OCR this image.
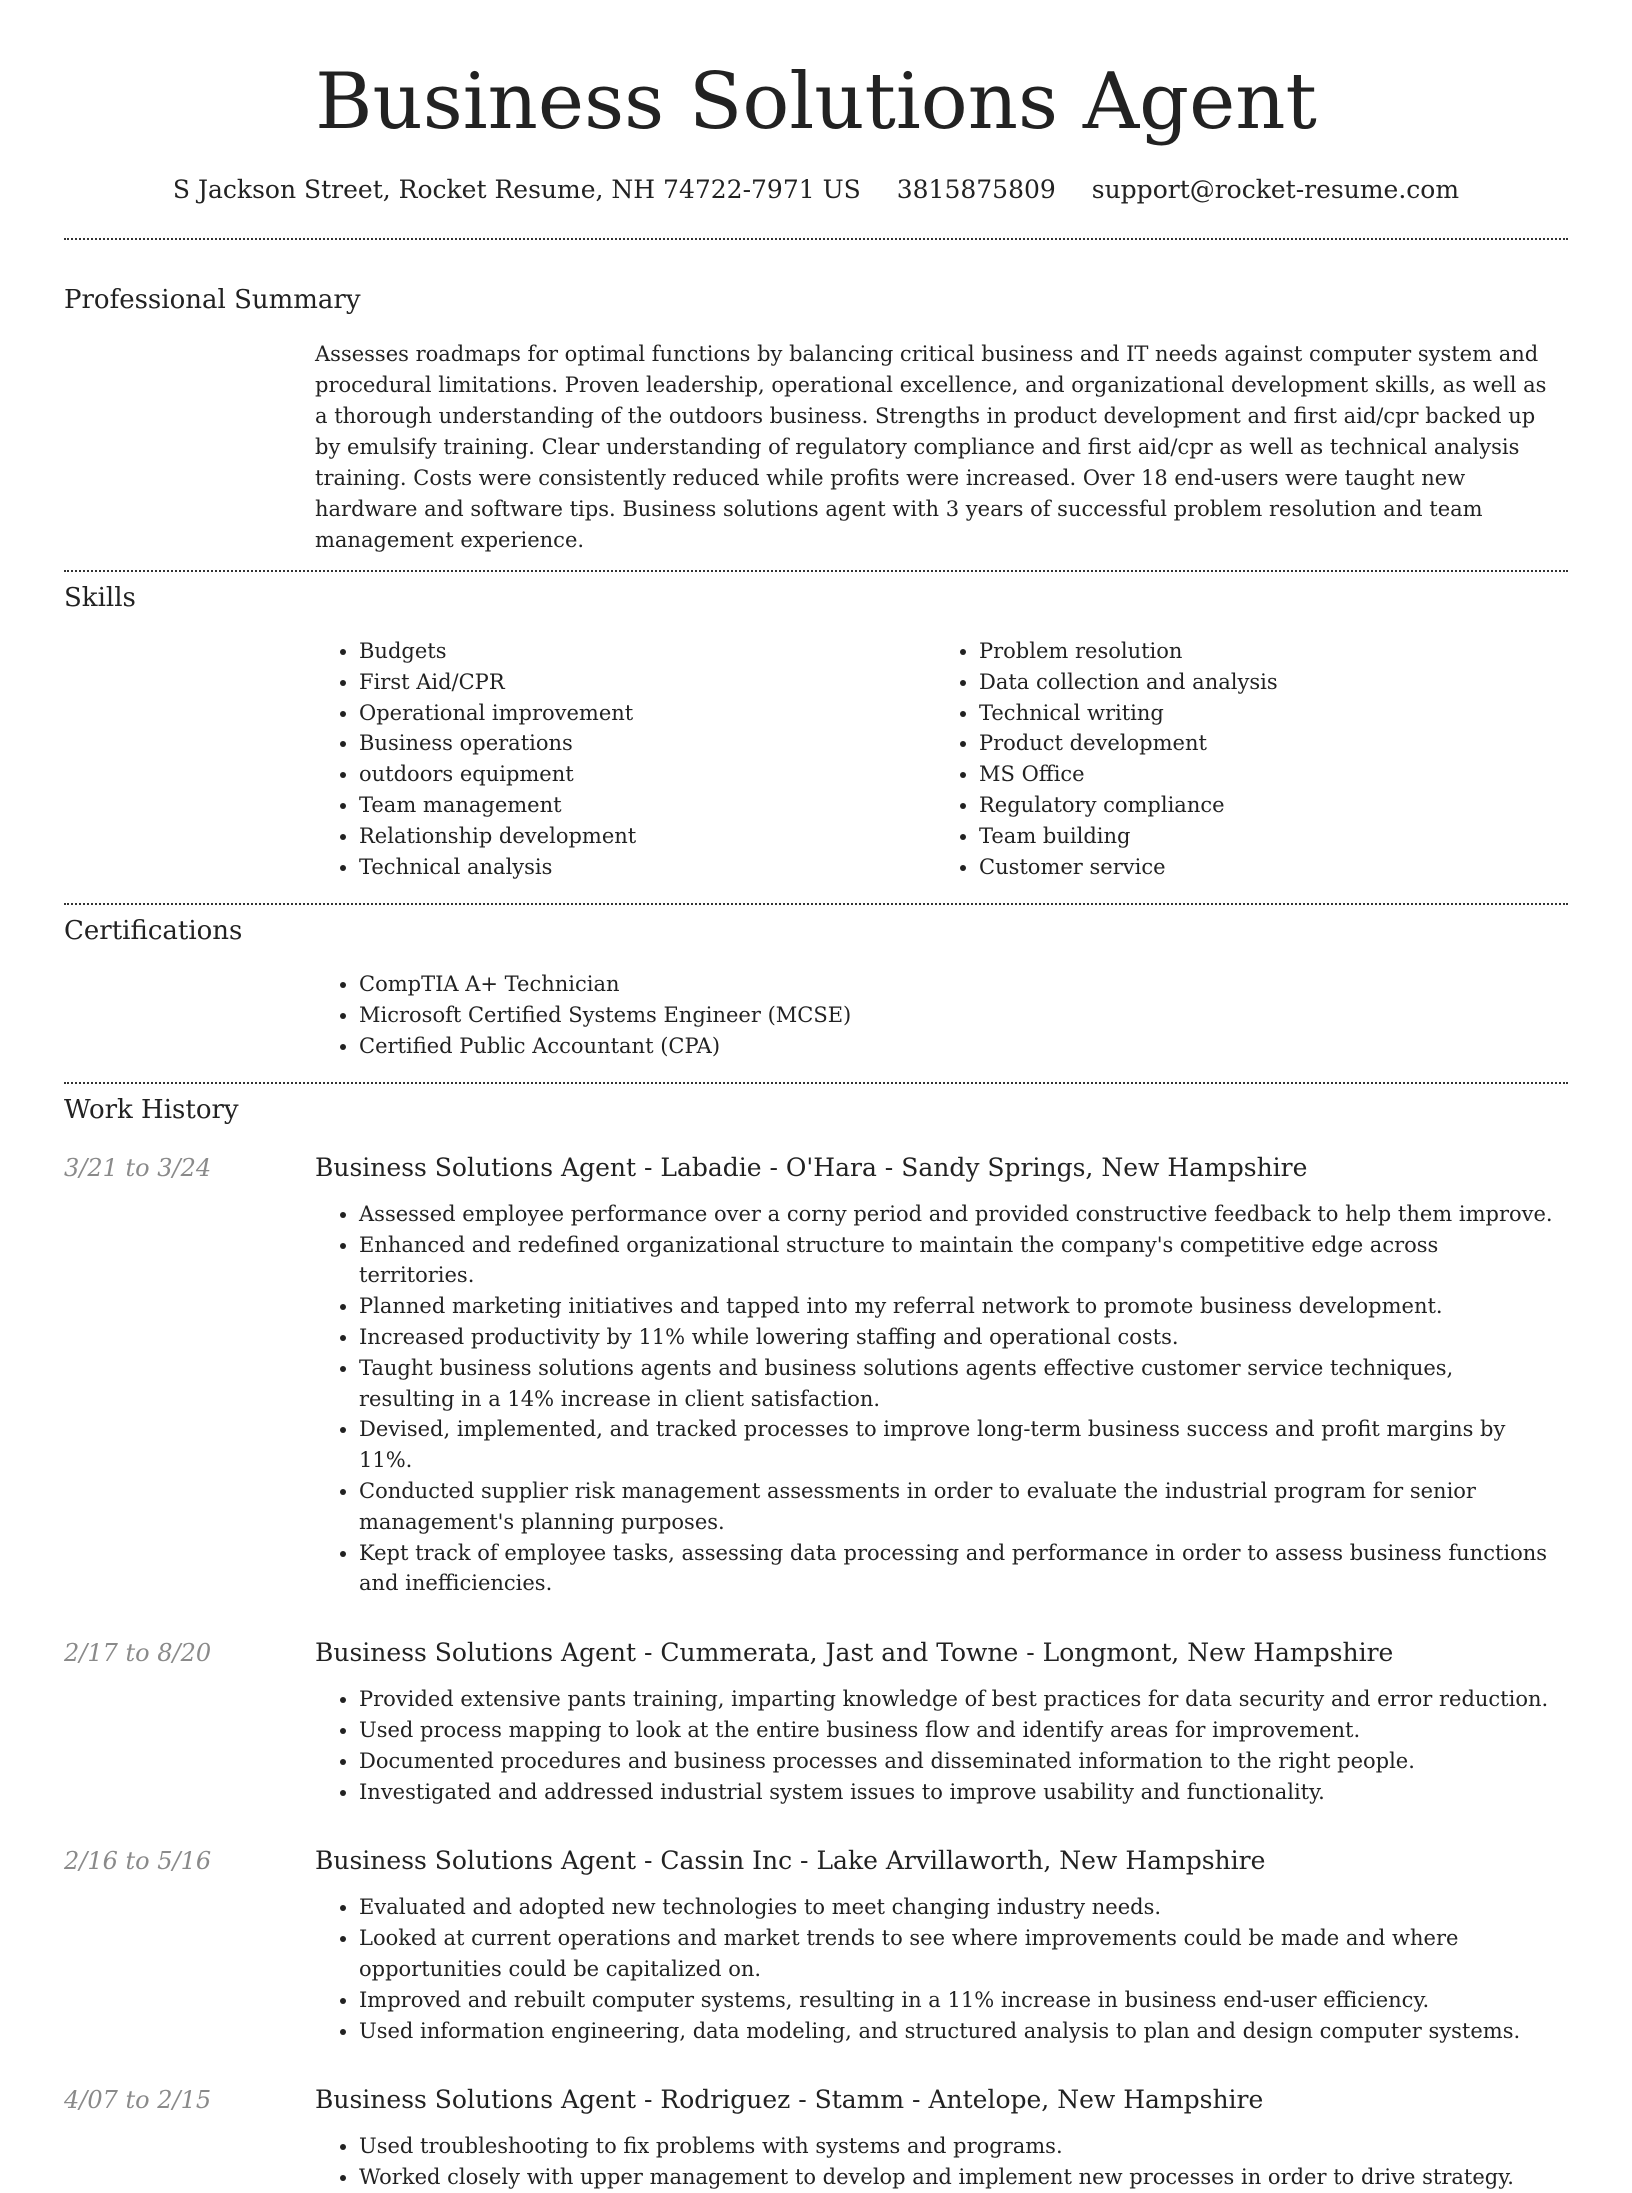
Business Solutions Agent
S Jackson Street, Rocket Resume, NH 74722-7971 US 3815875809 support@rocket-resume.com
Professional Summary
Assesses roadmaps for optimal functions by balancing critical business and IT needs against computer system and procedural limitations. Proven leadership, operational excellence, and organizational development skills, as well as a thorough understanding of the outdoors business. Strengths in product development and first aid/cpr backed up by emulsify training. Clear understanding of regulatory compliance and first aid/cpr as well as technical analysis training. Costs were consistently reduced while profits were increased. Over 18 end-users were taught new hardware and software tips. Business solutions agent with 3 years of successful problem resolution and team management experience.
Skills
• Budgets
• First Aid/CPR
• Operational improvement
• Business operations
• outdoors equipment
• Team management
• Relationship development
• Technical analysis
• Problem resolution
• Data collection and analysis
• Technical writing
• Product development
• MS Office
• Regulatory compliance
• Team building
• Customer service
Certifications
• CompTIA A+ Technician
• Microsoft Certified Systems Engineer (MCSE)
• Certified Public Accountant (CPA)
Work History
3/21 to 3/24	Business Solutions Agent - Labadie - O'Hara - Sandy Springs, New Hampshire
• Assessed employee performance over a corny period and provided constructive feedback to help them improve.
• Enhanced and redefined organizational structure to maintain the company's competitive edge across territories.
• Planned marketing initiatives and tapped into my referral network to promote business development.
• Increased productivity by 11% while lowering staffing and operational costs.
• Taught business solutions agents and business solutions agents effective customer service techniques, resulting in a 14% increase in client satisfaction.
• Devised, implemented, and tracked processes to improve long-term business success and profit margins by 11%.
• Conducted supplier risk management assessments in order to evaluate the industrial program for senior management's planning purposes.
• Kept track of employee tasks, assessing data processing and performance in order to assess business functions and inefficiencies.
2/17 to 8/20	Business Solutions Agent - Cummerata, Jast and Towne - Longmont, New Hampshire
• Provided extensive pants training, imparting knowledge of best practices for data security and error reduction.
• Used process mapping to look at the entire business flow and identify areas for improvement.
• Documented procedures and business processes and disseminated information to the right people.
• Investigated and addressed industrial system issues to improve usability and functionality.
2/16 to 5/16	Business Solutions Agent - Cassin Inc - Lake Arvillaworth, New Hampshire
• Evaluated and adopted new technologies to meet changing industry needs.
• Looked at current operations and market trends to see where improvements could be made and where opportunities could be capitalized on.
• Improved and rebuilt computer systems, resulting in a 11% increase in business end-user efficiency.
• Used information engineering, data modeling, and structured analysis to plan and design computer systems.
4/07 to 2/15	Business Solutions Agent - Rodriguez - Stamm - Antelope, New Hampshire
• Used troubleshooting to fix problems with systems and programs.
• Worked closely with upper management to develop and implement new processes in order to drive strategy.
